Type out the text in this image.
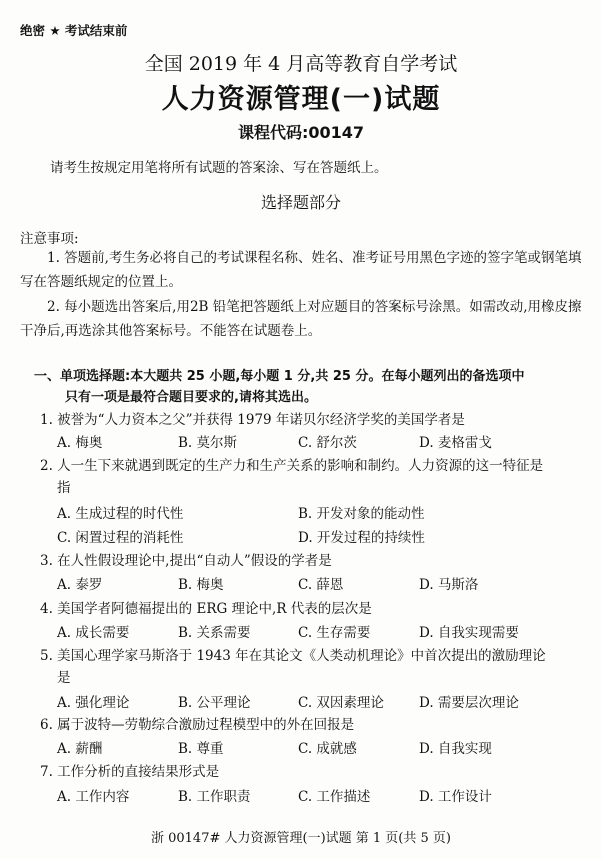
绝密 ★ 考试结束前
全国 2019 年 4 月高等教育自学考试
人力资源管理(一)试题
课程代码:00147
请考生按规定用笔将所有试题的答案涂、写在答题纸上。
选择题部分
注意事项:
1. 答题前,考生务必将自己的考试课程名称、姓名、准考证号用黑色字迹的签字笔或钢笔填写在答题纸规定的位置上。
2. 每小题选出答案后,用2B 铅笔把答题纸上对应题目的答案标号涂黑。如需改动,用橡皮擦干净后,再选涂其他答案标号。不能答在试题卷上。
一、单项选择题:本大题共 25 小题,每小题 1 分,共 25 分。在每小题列出的备选项中
只有一项是最符合题目要求的,请将其选出。
1. 被誉为“人力资本之父”并获得 1979 年诺贝尔经济学奖的美国学者是
A. 梅奥	B. 莫尔斯	C. 舒尔茨	D. 麦格雷戈
2. 人一生下来就遇到既定的生产力和生产关系的影响和制约。人力资源的这一特征是
指
A. 生成过程的时代性	B. 开发对象的能动性
C. 闲置过程的消耗性	D. 开发过程的持续性
3. 在人性假设理论中,提出“自动人”假设的学者是
A. 泰罗	B. 梅奥	C. 薛恩	D. 马斯洛
4. 美国学者阿德福提出的 ERG 理论中,R 代表的层次是
A. 成长需要	B. 关系需要	C. 生存需要	D. 自我实现需要
5. 美国心理学家马斯洛于 1943 年在其论文《人类动机理论》中首次提出的激励理论
是
A. 强化理论	B. 公平理论	C. 双因素理论	D. 需要层次理论
6. 属于波特—劳勒综合激励过程模型中的外在回报是
A. 薪酬	B. 尊重	C. 成就感	D. 自我实现
7. 工作分析的直接结果形式是
A. 工作内容	B. 工作职责	C. 工作描述	D. 工作设计
浙 00147# 人力资源管理(一)试题 第 1 页(共 5 页)
